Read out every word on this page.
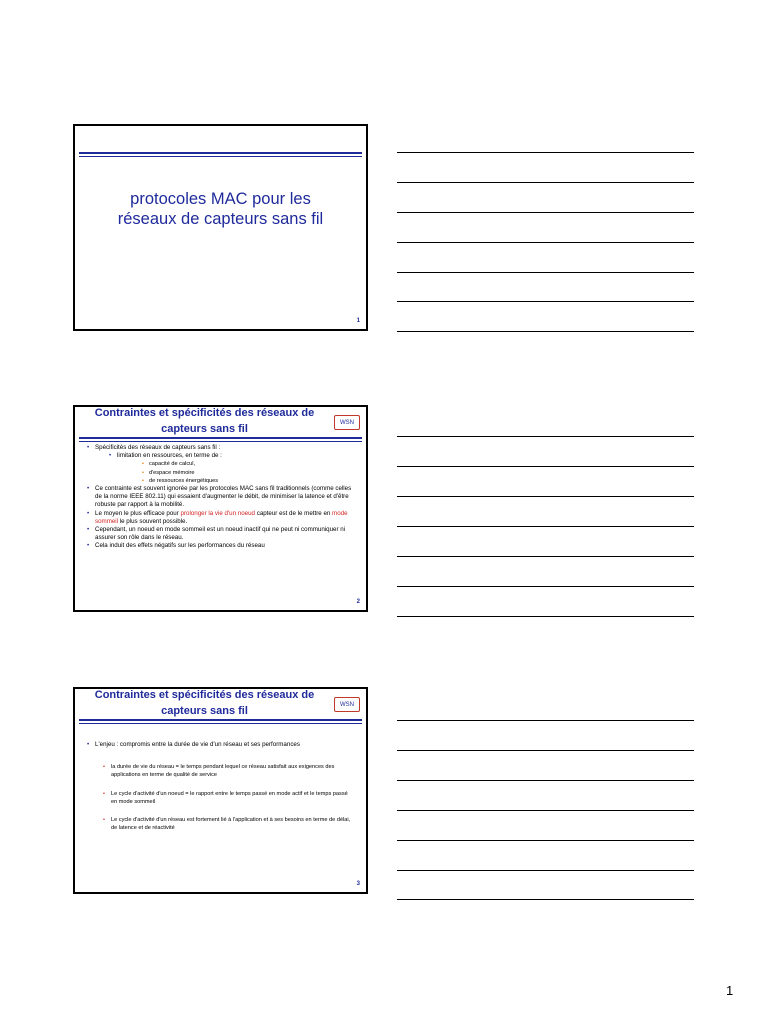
protocoles MAC pour les
réseaux de capteurs sans fil
1
Contraintes et spécificités des réseaux de
capteurs sans fil
WSN
• Spécificités des réseaux de capteurs sans fil :
• limitation en ressources, en terme de :
• capacité de calcul,
• d'espace mémoire
• de ressources énergétiques
• Ce contrainte est souvent ignorée par les protocoles MAC sans fil traditionnels (comme celles de la norme IEEE 802.11) qui essaient d'augmenter le débit, de minimiser la latence et d'être robuste par rapport à la mobilité.
• Le moyen le plus efficace pour prolonger la vie d'un noeud capteur est de le mettre en mode sommeil le plus souvent possible.
• Cependant, un noeud en mode sommeil est un noeud inactif qui ne peut ni communiquer ni assurer son rôle dans le réseau.
• Cela induit des effets négatifs sur les performances du réseau
2
Contraintes et spécificités des réseaux de
capteurs sans fil
WSN
• L'enjeu : compromis entre la durée de vie d'un réseau et ses performances
• la durée de vie du réseau = le temps pendant lequel ce réseau satisfait aux exigences des applications en terme de qualité de service
• Le cycle d'activité d'un noeud = le rapport entre le temps passé en mode actif et le temps passé en mode sommeil
• Le cycle d'activité d'un réseau est fortement lié à l'application et à ses besoins en terme de délai, de latence et de réactivité
3
1
